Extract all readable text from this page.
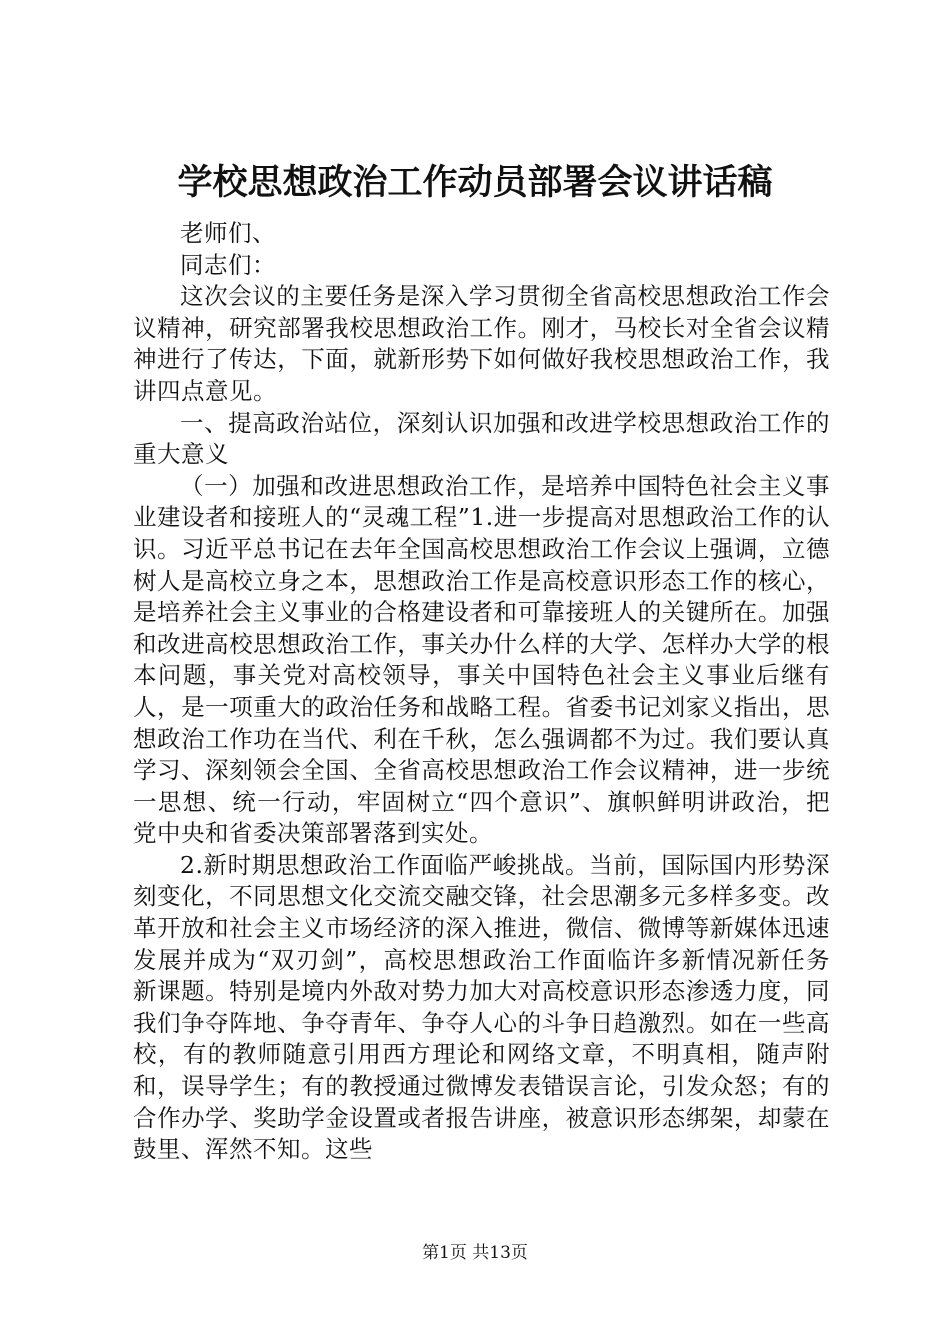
学校思想政治工作动员部署会议讲话稿

老师们、

同志们：

这次会议的主要任务是深入学习贯彻全省高校思想政治工作会议精神，研究部署我校思想政治工作。刚才，马校长对全省会议精神进行了传达，下面，就新形势下如何做好我校思想政治工作，我讲四点意见。

一、提高政治站位，深刻认识加强和改进学校思想政治工作的重大意义

（一）加强和改进思想政治工作，是培养中国特色社会主义事业建设者和接班人的“灵魂工程”1.进一步提高对思想政治工作的认识。习近平总书记在去年全国高校思想政治工作会议上强调，立德树人是高校立身之本，思想政治工作是高校意识形态工作的核心，是培养社会主义事业的合格建设者和可靠接班人的关键所在。加强和改进高校思想政治工作，事关办什么样的大学、怎样办大学的根本问题，事关党对高校领导，事关中国特色社会主义事业后继有人，是一项重大的政治任务和战略工程。省委书记刘家义指出，思想政治工作功在当代、利在千秋，怎么强调都不为过。我们要认真学习、深刻领会全国、全省高校思想政治工作会议精神，进一步统一思想、统一行动，牢固树立“四个意识”、旗帜鲜明讲政治，把党中央和省委决策部署落到实处。

2.新时期思想政治工作面临严峻挑战。当前，国际国内形势深刻变化，不同思想文化交流交融交锋，社会思潮多元多样多变。改革开放和社会主义市场经济的深入推进，微信、微博等新媒体迅速发展并成为“双刃剑”，高校思想政治工作面临许多新情况新任务新课题。特别是境内外敌对势力加大对高校意识形态渗透力度，同我们争夺阵地、争夺青年、争夺人心的斗争日趋激烈。如在一些高校，有的教师随意引用西方理论和网络文章，不明真相，随声附和，误导学生；有的教授通过微博发表错误言论，引发众怒；有的合作办学、奖助学金设置或者报告讲座，被意识形态绑架，却蒙在鼓里、浑然不知。这些

第1页 共13页
